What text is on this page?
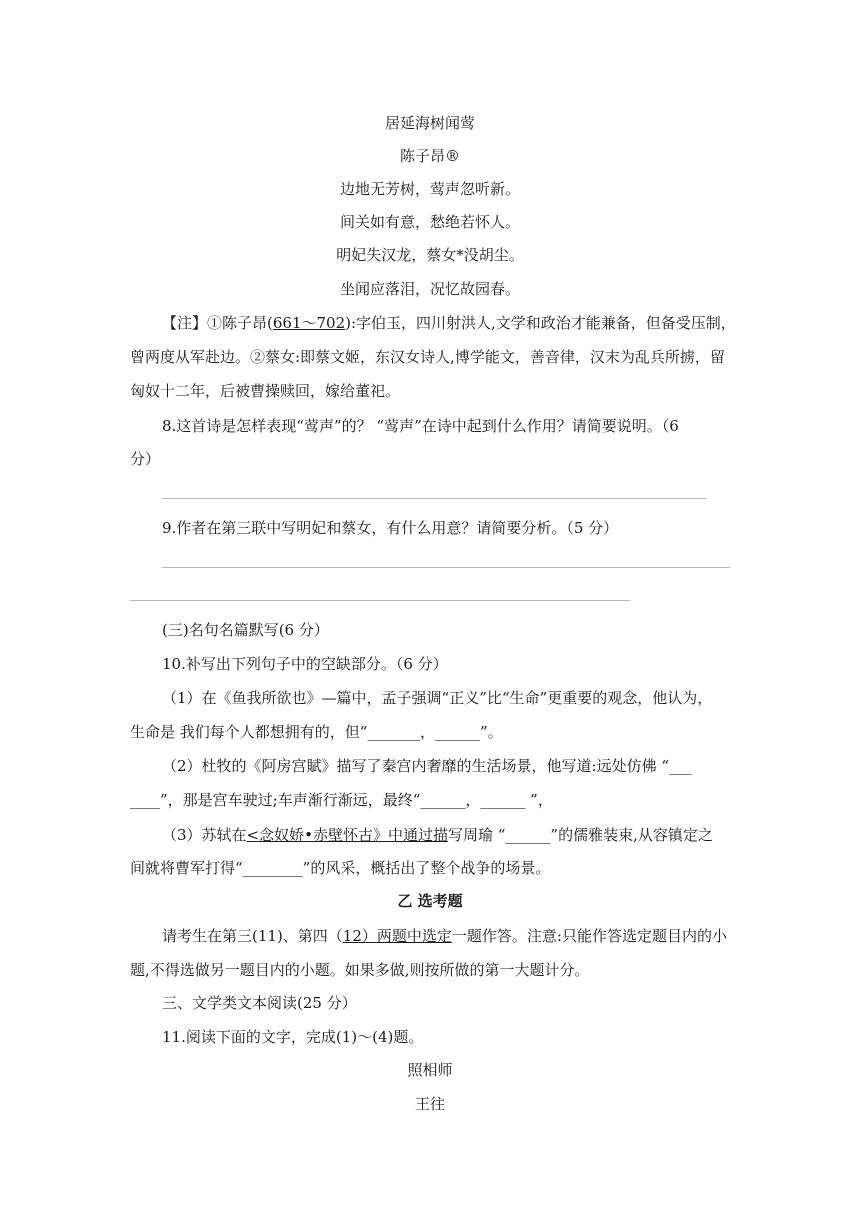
居延海树闻莺
陈子昂®
边地无芳树，莺声忽听新。
间关如有意，愁绝若怀人。
明妃失汉龙，蔡女*没胡尘。
坐闻应落泪，况忆故园春。
【注】①陈子昂(661～702):字伯玉，四川射洪人,文学和政治才能兼备，但备受压制，
曾两度从军赴边。②蔡女:即蔡文姬，东汉女诗人,博学能文，善音律，汉末为乱兵所掳，留
匈奴十二年，后被曹操赎回，嫁给董祀。
8.这首诗是怎样表现“莺声”的？ “莺声”在诗中起到什么作用？请简要说明。（6
分）
9.作者在第三联中写明妃和蔡女，有什么用意？请简要分析。（5 分）
(三)名句名篇默写(6 分）
10.补写出下列句子中的空缺部分。（6 分）
（1）在《鱼我所欲也》—篇中，孟子强调“正义”比“生命”更重要的观念，他认为，
生命是 我们每个人都想拥有的，但“_______，______”。
（2）杜牧的《阿房宫賦》描写了秦宫内奢靡的生活场景，他写道:远处仿佛 “___
____”，那是宫车驶过;车声渐行渐远，最终“______，______ ”，
（3）苏轼在<念奴娇•赤壁怀古》中通过描写周瑜 “______”的儒雅装束,从容镇定之
间就将曹军打得“________”的风采，概括出了整个战争的场景。
乙 选考题
请考生在第三(11)、第四（12）两题中选定一题作答。注意:只能作答选定题目内的小
题,不得选做另一题目内的小题。如果多做,则按所做的第一大题计分。
三、文学类文本阅读(25 分）
11.阅读下面的文字，完成(1)～(4)题。
照相师
王往
